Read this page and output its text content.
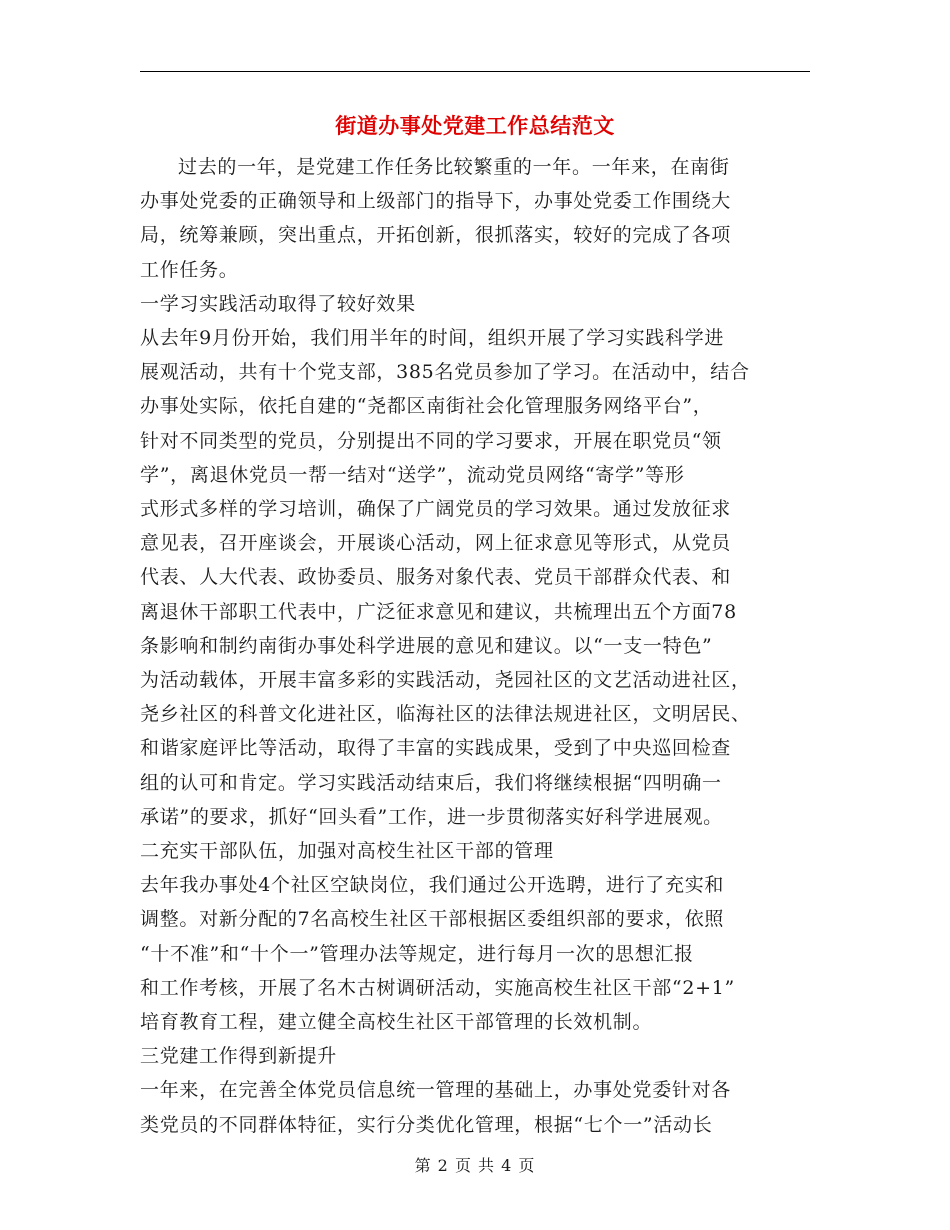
街道办事处党建工作总结范文

过去的一年，是党建工作任务比较繁重的一年。一年来，在南街
办事处党委的正确领导和上级部门的指导下，办事处党委工作围绕大
局，统筹兼顾，突出重点，开拓创新，很抓落实，较好的完成了各项
工作任务。

一学习实践活动取得了较好效果

从去年9月份开始，我们用半年的时间，组织开展了学习实践科学进
展观活动，共有十个党支部，385名党员参加了学习。在活动中，结合
办事处实际，依托自建的“尧都区南街社会化管理服务网络平台”，
针对不同类型的党员，分别提出不同的学习要求，开展在职党员“领
学”，离退休党员一帮一结对“送学”，流动党员网络“寄学”等形
式形式多样的学习培训，确保了广阔党员的学习效果。通过发放征求
意见表，召开座谈会，开展谈心活动，网上征求意见等形式，从党员
代表、人大代表、政协委员、服务对象代表、党员干部群众代表、和
离退休干部职工代表中，广泛征求意见和建议，共梳理出五个方面78
条影响和制约南街办事处科学进展的意见和建议。以“一支一特色”
为活动载体，开展丰富多彩的实践活动，尧园社区的文艺活动进社区，
尧乡社区的科普文化进社区，临海社区的法律法规进社区，文明居民、
和谐家庭评比等活动，取得了丰富的实践成果，受到了中央巡回检查
组的认可和肯定。学习实践活动结束后，我们将继续根据“四明确一
承诺”的要求，抓好“回头看”工作，进一步贯彻落实好科学进展观。

二充实干部队伍，加强对高校生社区干部的管理

去年我办事处4个社区空缺岗位，我们通过公开选聘，进行了充实和
调整。对新分配的7名高校生社区干部根据区委组织部的要求，依照
“十不准”和“十个一”管理办法等规定，进行每月一次的思想汇报
和工作考核，开展了名木古树调研活动，实施高校生社区干部“2+1”
培育教育工程，建立健全高校生社区干部管理的长效机制。

三党建工作得到新提升

一年来，在完善全体党员信息统一管理的基础上，办事处党委针对各
类党员的不同群体特征，实行分类优化管理，根据“七个一”活动长

第 2 页 共 4 页
